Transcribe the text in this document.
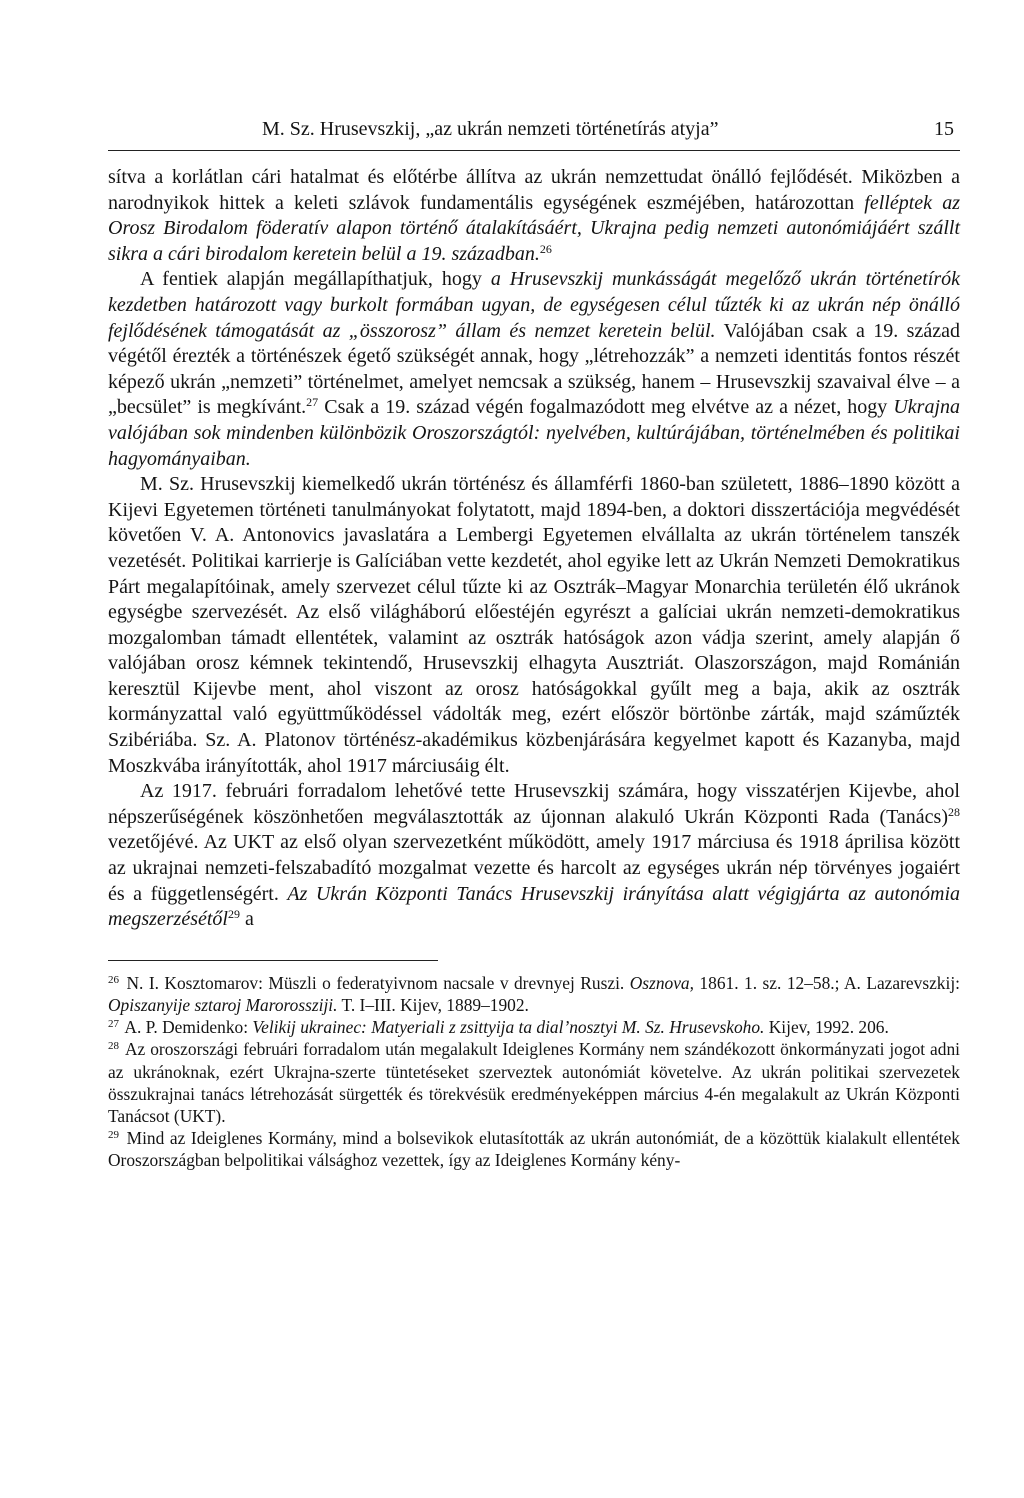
M. Sz. Hrusevszkij, „az ukrán nemzeti történetírás atyja”	15

sítva a korlátlan cári hatalmat és előtérbe állítva az ukrán nemzettudat önálló fejlődését. Miközben a narodnyikok hittek a keleti szlávok fundamentális egységének eszméjében, határozottan felléptek az Orosz Birodalom föderatív alapon történő átalakításáért, Ukrajna pedig nemzeti autonómiájáért szállt sikra a cári birodalom keretein belül a 19. században.$^{26}$

A fentiek alapján megállapíthatjuk, hogy a Hrusevszkij munkásságát megelőző ukrán történetírók kezdetben határozott vagy burkolt formában ugyan, de egységesen célul tűzték ki az ukrán nép önálló fejlődésének támogatását az „összorosz” állam és nemzet keretein belül. Valójában csak a 19. század végétől érezték a történészek égető szükségét annak, hogy „létrehozzák” a nemzeti identitás fontos részét képező ukrán „nemzeti” történelmet, amelyet nemcsak a szükség, hanem – Hrusevszkij szavaival élve – a „becsület” is megkívánt.$^{27}$ Csak a 19. század végén fogalmazódott meg elvétve az a nézet, hogy Ukrajna valójában sok mindenben különbözik Oroszországtól: nyelvében, kultúrájában, történelmében és politikai hagyományaiban.

M. Sz. Hrusevszkij kiemelkedő ukrán történész és államférfi 1860-ban született, 1886–1890 között a Kijevi Egyetemen történeti tanulmányokat folytatott, majd 1894-ben, a doktori disszertációja megvédését követően V. A. Antonovics javaslatára a Lembergi Egyetemen elvállalta az ukrán történelem tanszék vezetését. Politikai karrierje is Galíciában vette kezdetét, ahol egyike lett az Ukrán Nemzeti Demokratikus Párt megalapítóinak, amely szervezet célul tűzte ki az Osztrák–Magyar Monarchia területén élő ukránok egységbe szervezését. Az első világháború előestéjén egyrészt a galíciai ukrán nemzeti-demokratikus mozgalomban támadt ellentétek, valamint az osztrák hatóságok azon vádja szerint, amely alapján ő valójában orosz kémnek tekintendő, Hrusevszkij elhagyta Ausztriát. Olaszországon, majd Románián keresztül Kijevbe ment, ahol viszont az orosz hatóságokkal gyűlt meg a baja, akik az osztrák kormányzattal való együttműködéssel vádolták meg, ezért először börtönbe zárták, majd száműzték Szibériába. Sz. A. Platonov történész-akadémikus közbenjárására kegyelmet kapott és Kazanyba, majd Moszkvába irányították, ahol 1917 márciusáig élt.

Az 1917. februári forradalom lehetővé tette Hrusevszkij számára, hogy visszatérjen Kijevbe, ahol népszerűségének köszönhetően megválasztották az újonnan alakuló Ukrán Központi Rada (Tanács)$^{28}$ vezetőjévé. Az UKT az első olyan szervezetként működött, amely 1917 márciusa és 1918 áprilisa között az ukrajnai nemzeti-felszabadító mozgalmat vezette és harcolt az egységes ukrán nép törvényes jogaiért és a függetlenségért. Az Ukrán Központi Tanács Hrusevszkij irányítása alatt végigjárta az autonómia megszerzésétől$^{29}$ a

$^{26}$ N. I. Kosztomarov: Müszli o federatyivnom nacsale v drevnyej Ruszi. Osznova, 1861. 1. sz. 12–58.; A. Lazarevszkij: Opiszanyije sztaroj Marorossziji. T. I–III. Kijev, 1889–1902.

$^{27}$ A. P. Demidenko: Velikij ukrainec: Matyeriali z zsittyija ta dial’nosztyi M. Sz. Hrusevskoho. Kijev, 1992. 206.

$^{28}$ Az oroszországi februári forradalom után megalakult Ideiglenes Kormány nem szándékozott önkormányzati jogot adni az ukránoknak, ezért Ukrajna-szerte tüntetéseket szerveztek autonómiát követelve. Az ukrán politikai szervezetek összukrajnai tanács létrehozását sürgették és törekvésük eredményeképpen március 4-én megalakult az Ukrán Központi Tanácsot (UKT).

$^{29}$ Mind az Ideiglenes Kormány, mind a bolsevikok elutasították az ukrán autonómiát, de a közöttük kialakult ellentétek Oroszországban belpolitikai válsághoz vezettek, így az Ideiglenes Kormány kény-
